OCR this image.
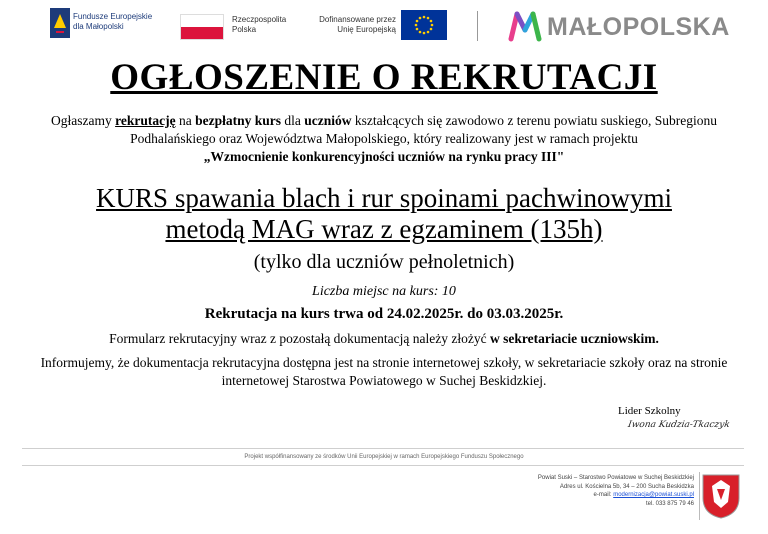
Fundusze Europejskie
dla Małopolski
Rzeczpospolita
Polska
Dofinansowane przez
Unię Europejską	MAŁOPOLSKA
OGŁOSZENIE O REKRUTACJI
Ogłaszamy rekrutację na bezpłatny kurs dla uczniów kształcących się zawodowo z terenu powiatu suskiego, Subregionu Podhalańskiego oraz Województwa Małopolskiego, który realizowany jest w ramach projektu
„Wzmocnienie konkurencyjności uczniów na rynku pracy III"
KURS spawania blach i rur spoinami pachwinowymi
metodą MAG wraz z egzaminem (135h)
(tylko dla uczniów pełnoletnich)
Liczba miejsc na kurs: 10
Rekrutacja na kurs trwa od 24.02.2025r. do 03.03.2025r.
Formularz rekrutacyjny wraz z pozostałą dokumentacją należy złożyć w sekretariacie uczniowskim.
Informujemy, że dokumentacja rekrutacyjna dostępna jest na stronie internetowej szkoły, w sekretariacie szkoły oraz na stronie internetowej Starostwa Powiatowego w Suchej Beskidzkiej.
Lider Szkolny
Iwona Kudzia-Tkaczyk
Projekt współfinansowany ze środków Unii Europejskiej w ramach Europejskiego Funduszu Społecznego
Powiat Suski – Starostwo Powiatowe w Suchej Beskidzkiej
Adres ul. Kościelna 5b, 34 – 200 Sucha Beskidzka
e-mail: modernizacja@powiat.suski.pl
tel. 033 875 79 46
